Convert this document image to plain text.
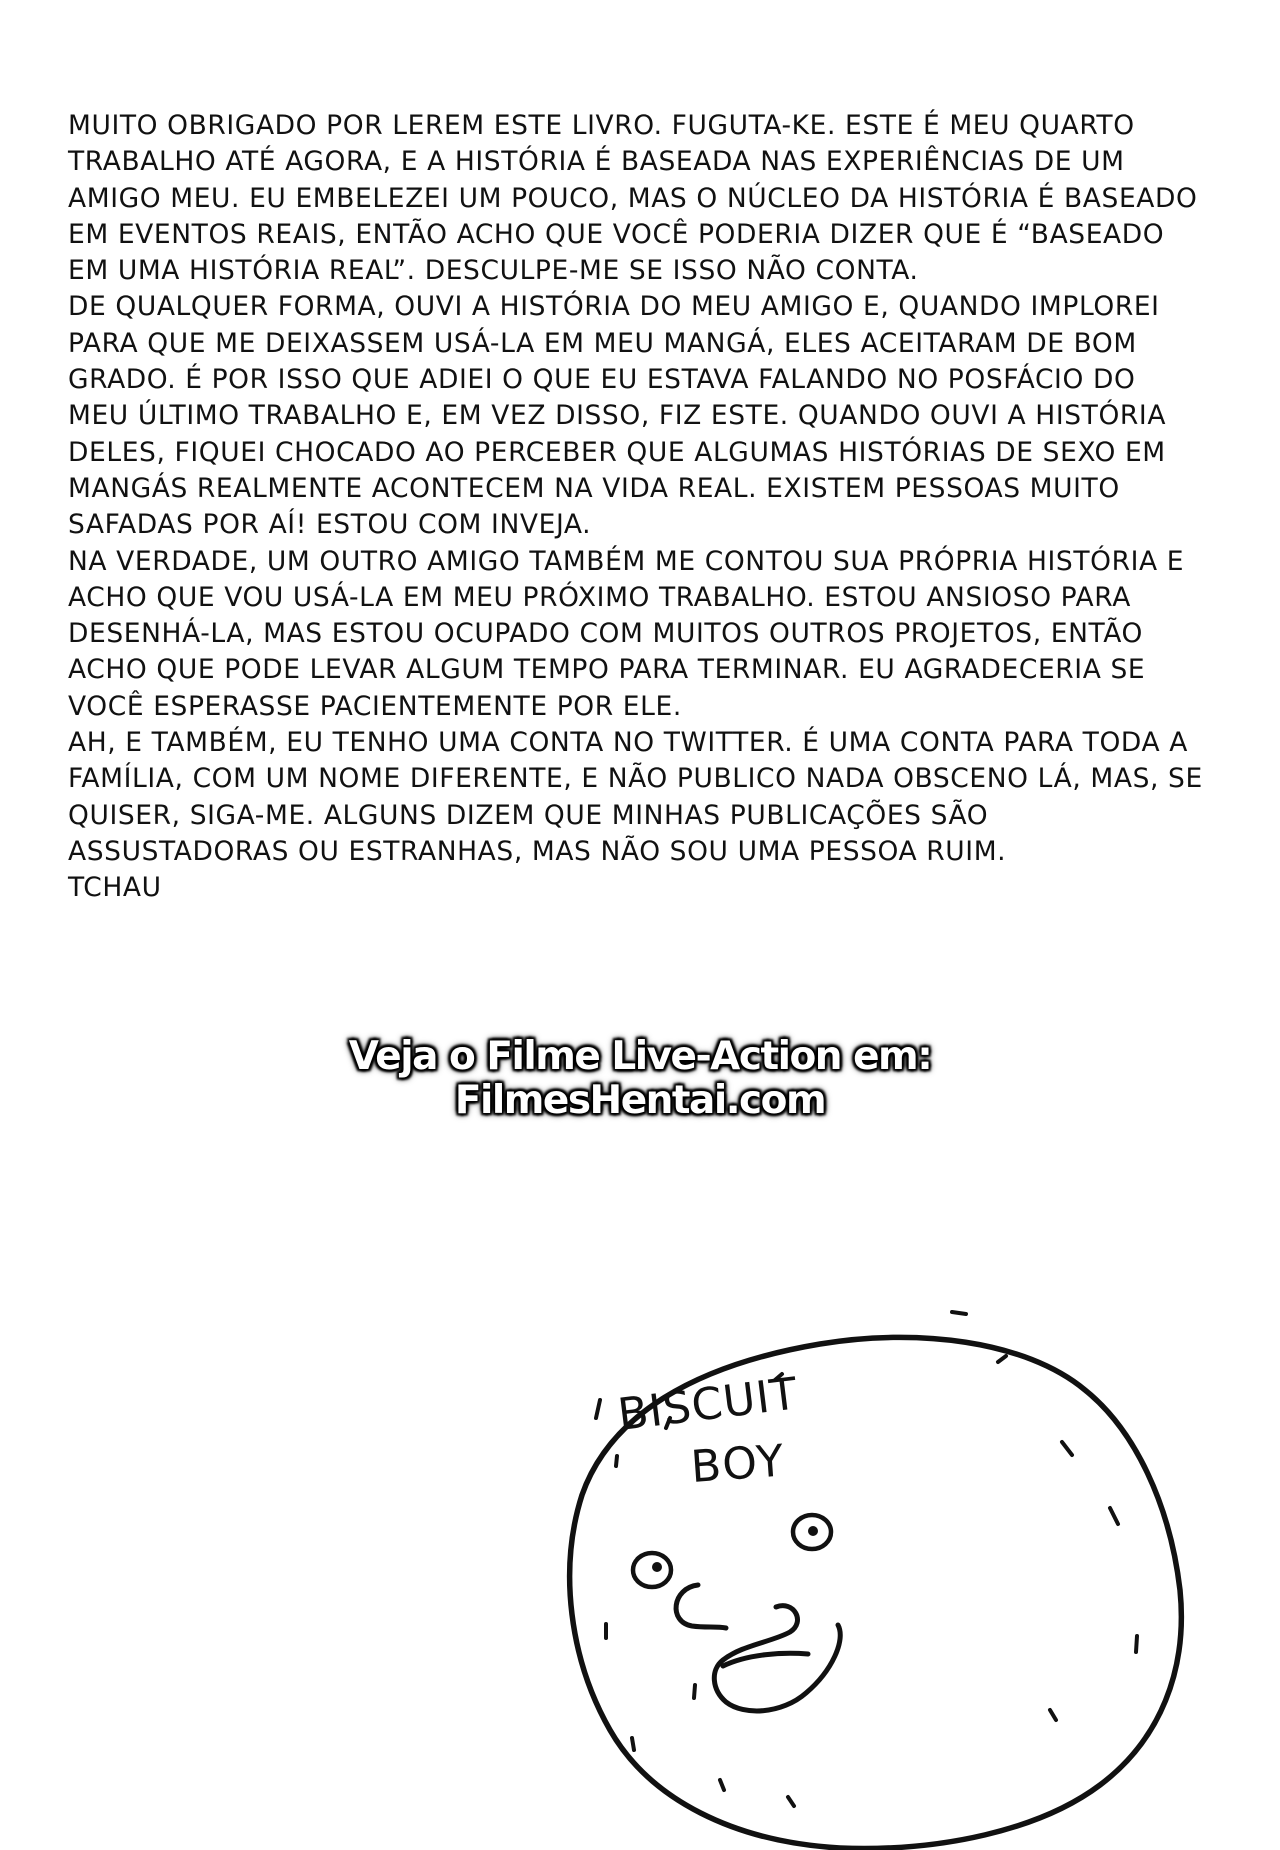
MUITO OBRIGADO POR LEREM ESTE LIVRO. FUGUTA-KE. ESTE É MEU QUARTO
TRABALHO ATÉ AGORA, E A HISTÓRIA É BASEADA NAS EXPERIÊNCIAS DE UM
AMIGO MEU. EU EMBELEZEI UM POUCO, MAS O NÚCLEO DA HISTÓRIA É BASEADO
EM EVENTOS REAIS, ENTÃO ACHO QUE VOCÊ PODERIA DIZER QUE É “BASEADO
EM UMA HISTÓRIA REAL”. DESCULPE-ME SE ISSO NÃO CONTA.

DE QUALQUER FORMA, OUVI A HISTÓRIA DO MEU AMIGO E, QUANDO IMPLOREI
PARA QUE ME DEIXASSEM USÁ-LA EM MEU MANGÁ, ELES ACEITARAM DE BOM
GRADO. É POR ISSO QUE ADIEI O QUE EU ESTAVA FALANDO NO POSFÁCIO DO
MEU ÚLTIMO TRABALHO E, EM VEZ DISSO, FIZ ESTE. QUANDO OUVI A HISTÓRIA
DELES, FIQUEI CHOCADO AO PERCEBER QUE ALGUMAS HISTÓRIAS DE SEXO EM
MANGÁS REALMENTE ACONTECEM NA VIDA REAL. EXISTEM PESSOAS MUITO
SAFADAS POR AÍ! ESTOU COM INVEJA.

NA VERDADE, UM OUTRO AMIGO TAMBÉM ME CONTOU SUA PRÓPRIA HISTÓRIA E
ACHO QUE VOU USÁ-LA EM MEU PRÓXIMO TRABALHO. ESTOU ANSIOSO PARA
DESENHÁ-LA, MAS ESTOU OCUPADO COM MUITOS OUTROS PROJETOS, ENTÃO
ACHO QUE PODE LEVAR ALGUM TEMPO PARA TERMINAR. EU AGRADECERIA SE
VOCÊ ESPERASSE PACIENTEMENTE POR ELE.

AH, E TAMBÉM, EU TENHO UMA CONTA NO TWITTER. É UMA CONTA PARA TODA A
FAMÍLIA, COM UM NOME DIFERENTE, E NÃO PUBLICO NADA OBSCENO LÁ, MAS, SE
QUISER, SIGA-ME. ALGUNS DIZEM QUE MINHAS PUBLICAÇÕES SÃO
ASSUSTADORAS OU ESTRANHAS, MAS NÃO SOU UMA PESSOA RUIM.

TCHAU

Veja o Filme Live-Action em:
FilmesHentai.com
BISCUIT
BOY
